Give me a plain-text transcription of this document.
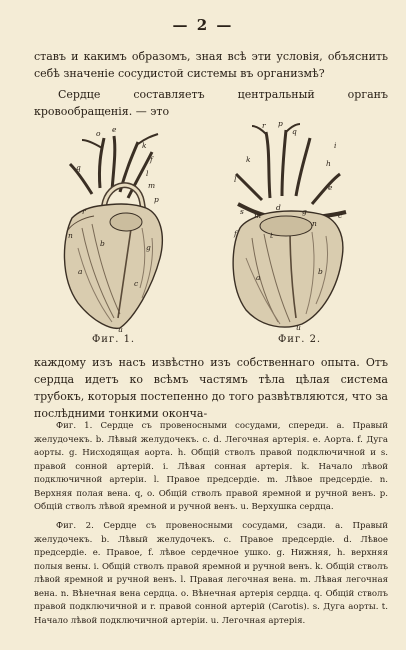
— 2 —

ставъ и какимъ образомъ, зная всѣ эти условія, объяснить себѣ значеніе сосудистой системы въ организмѣ?

Сердце составляетъ центральный органъ кровообращенія. — это

o e
q
k
f
l
m
p
r
b	g
a
c
n
u
r p
k
l
q
h
i
e
m
d
f
g
t
n
a
b
u
c
s
Фиг. 1.	Фиг. 2.

каждому изъ насъ извѣстно изъ собственнаго опыта. Отъ сердца идетъ ко всѣмъ частямъ тѣла цѣлая система трубокъ, которыя постепенно до того развѣтвляются, что за послѣдними тонкими оконча-

Фиг. 1. Сердце съ провеносными сосудами, спереди. а. Правый желудочекъ. b. Лѣвый желудочекъ. с. d. Легочная артерія. е. Аорта. f. Дуга аорты. g. Нисходящая аорта. h. Общій стволъ правой подключичной и s. правой сонной артерій. i. Лѣвая сонная артерія. k. Начало лѣвой подключичной артеріи. l. Правое предсердіе. m. Лѣвое предсердіе. n. Верхняя полая вена. q, o. Общій стволъ правой яремной и ручной венъ. p. Общій стволъ лѣвой яремной и ручной венъ. u. Верхушка сердца.

Фиг. 2. Сердце съ провеносными сосудами, сзади. а. Правый желудочекъ. b. Лѣвый желудочекъ. с. Правое предсердіе. d. Лѣвое предсердіе. е. Правое, f. лѣвое сердечное ушко. g. Нижняя, h. верхняя полыя вены. i. Общій стволъ правой яремной и ручной венъ. k. Общій стволъ лѣвой яремной и ручной венъ. l. Правая легочная вена. m. Лѣвая легочная вена. n. Вѣнечная вена сердца. о. Вѣнечная артерія сердца. q. Общій стволъ правой подключичной и r. правой сонной артерій (Carotis). s. Дуга аорты. t. Начало лѣвой подключичной артеріи. u. Легочная артерія.
